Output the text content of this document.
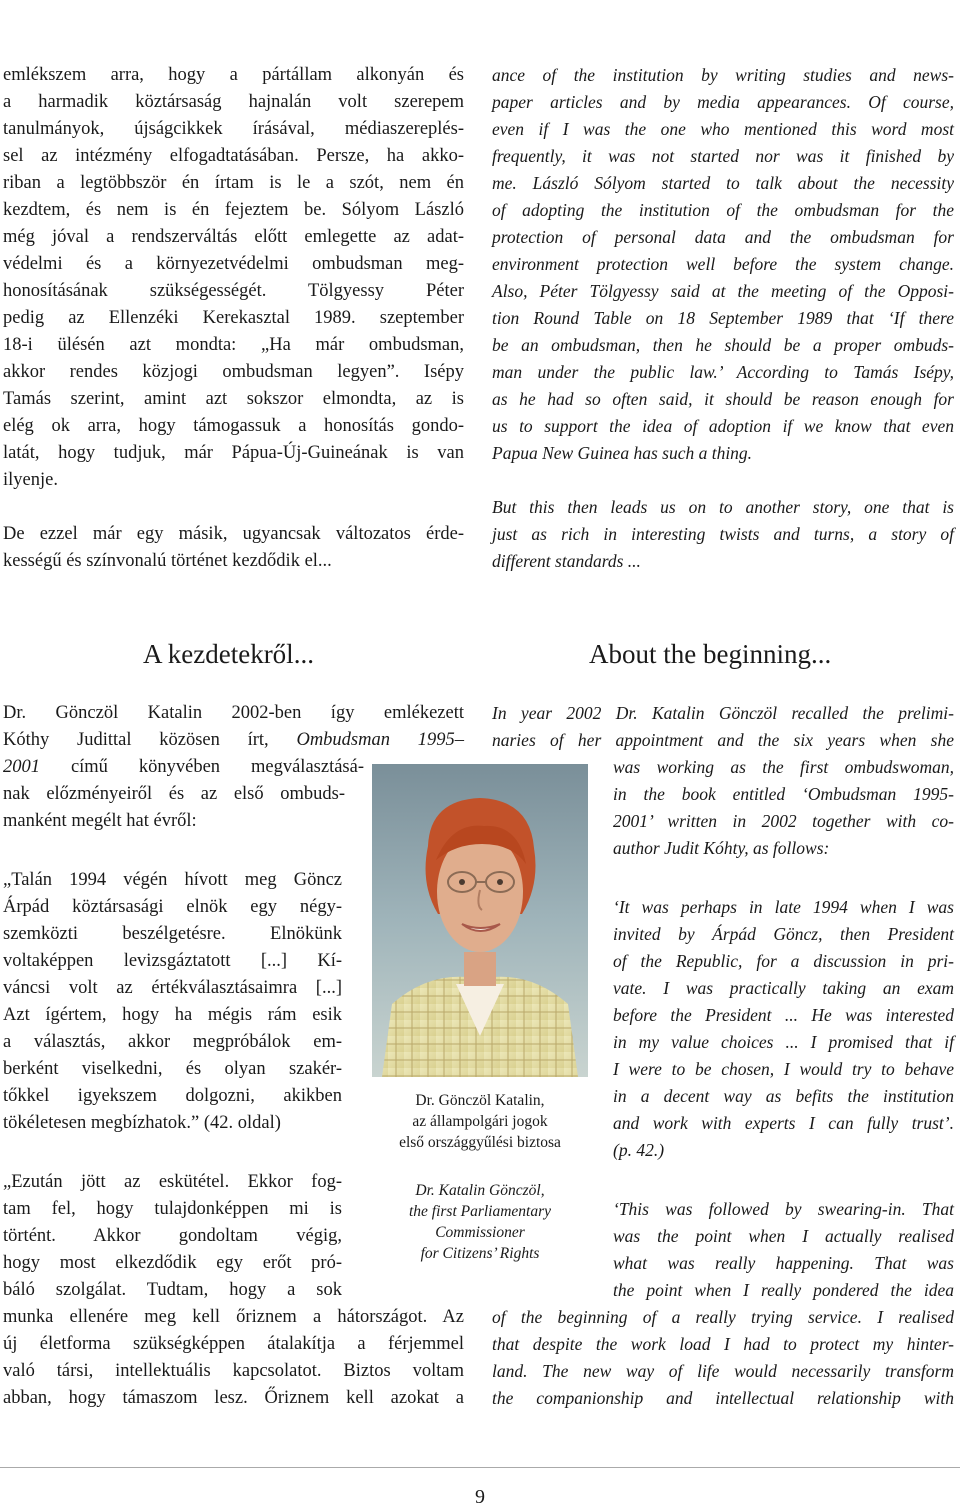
emlékszem arra, hogy a pártállam alkonyán és
a harmadik köztársaság hajnalán volt szerepem
tanulmányok, újságcikkek írásával, médiaszereplés-
sel az intézmény elfogadtatásában. Persze, ha akko-
riban a legtöbbször én írtam is le a szót, nem én
kezdtem, és nem is én fejeztem be. Sólyom László
még jóval a rendszerváltás előtt emlegette az adat-
védelmi és a környezetvédelmi ombudsman meg-
honosításának szükségességét. Tölgyessy Péter
pedig az Ellenzéki Kerekasztal 1989. szeptember
18-i ülésén azt mondta: „Ha már ombudsman,
akkor rendes közjogi ombudsman legyen”. Isépy
Tamás szerint, amint azt sokszor elmondta, az is
elég ok arra, hogy támogassuk a honosítás gondo-
latát, hogy tudjuk, már Pápua-Új-Guineának is van
ilyenje.
De ezzel már egy másik, ugyancsak változatos érde-
kességű és színvonalú történet kezdődik el...
ance of the institution by writing studies and news-
paper articles and by media appearances. Of course,
even if I was the one who mentioned this word most
frequently, it was not started nor was it finished by
me. László Sólyom started to talk about the necessity
of adopting the institution of the ombudsman for the
protection of personal data and the ombudsman for
environment protection well before the system change.
Also, Péter Tölgyessy said at the meeting of the Opposi-
tion Round Table on 18 September 1989 that ‘If there
be an ombudsman, then he should be a proper ombuds-
man under the public law.’ According to Tamás Isépy,
as he had so often said, it should be reason enough for
us to support the idea of adoption if we know that even
Papua New Guinea has such a thing.
But this then leads us on to another story, one that is
just as rich in interesting twists and turns, a story of
different standards ...
A kezdetekről...	About the beginning...
Dr. Gönczöl Katalin 2002-ben így emlékezett
Kóthy Judittal közösen írt, Ombudsman 1995–
2001 című könyvében megválasztásá-
nak előzményeiről és az első ombuds-
manként megélt hat évről:
„Talán 1994 végén hívott meg Göncz
Árpád köztársasági elnök egy négy-
szemközti beszélgetésre. Elnökünk
voltaképpen levizsgáztatott [...] Kí-
váncsi volt az értékválasztásaimra [...]
Azt ígértem, hogy ha mégis rám esik
a választás, akkor megpróbálok em-
berként viselkedni, és olyan szakér-
tőkkel igyekszem dolgozni, akikben
tökéletesen megbízhatok.” (42. oldal)
„Ezután jött az eskütétel. Ekkor fog-
tam fel, hogy tulajdonképpen mi is
történt. Akkor gondoltam végig,
hogy most elkezdődik egy erőt pró-
báló szolgálat. Tudtam, hogy a sok
munka ellenére meg kell őriznem a hátországot. Az
új életforma szükségképpen átalakítja a férjemmel
való társi, intellektuális kapcsolatot. Biztos voltam
abban, hogy támaszom lesz. Őriznem kell azokat a
Dr. Gönczöl Katalin,
az állampolgári jogok
első országgyűlési biztosa
Dr. Katalin Gönczöl,
the first Parliamentary
Commissioner
for Citizens’ Rights
In year 2002 Dr. Katalin Gönczöl recalled the prelimi-
naries of her appointment and the six years when she
was working as the first ombudswoman,
in the book entitled ‘Ombudsman 1995-
2001’ written in 2002 together with co-
author Judit Kóhty, as follows:
‘It was perhaps in late 1994 when I was
invited by Árpád Göncz, then President
of the Republic, for a discussion in pri-
vate. I was practically taking an exam
before the President ... He was interested
in my value choices ... I promised that if
I were to be chosen, I would try to behave
in a decent way as befits the institution
and work with experts I can fully trust’.
(p. 42.)
‘This was followed by swearing-in. That
was the point when I actually realised
what was really happening. That was
the point when I really pondered the idea
of the beginning of a really trying service. I realised
that despite the work load I had to protect my hinter-
land. The new way of life would necessarily transform
the companionship and intellectual relationship with
9
